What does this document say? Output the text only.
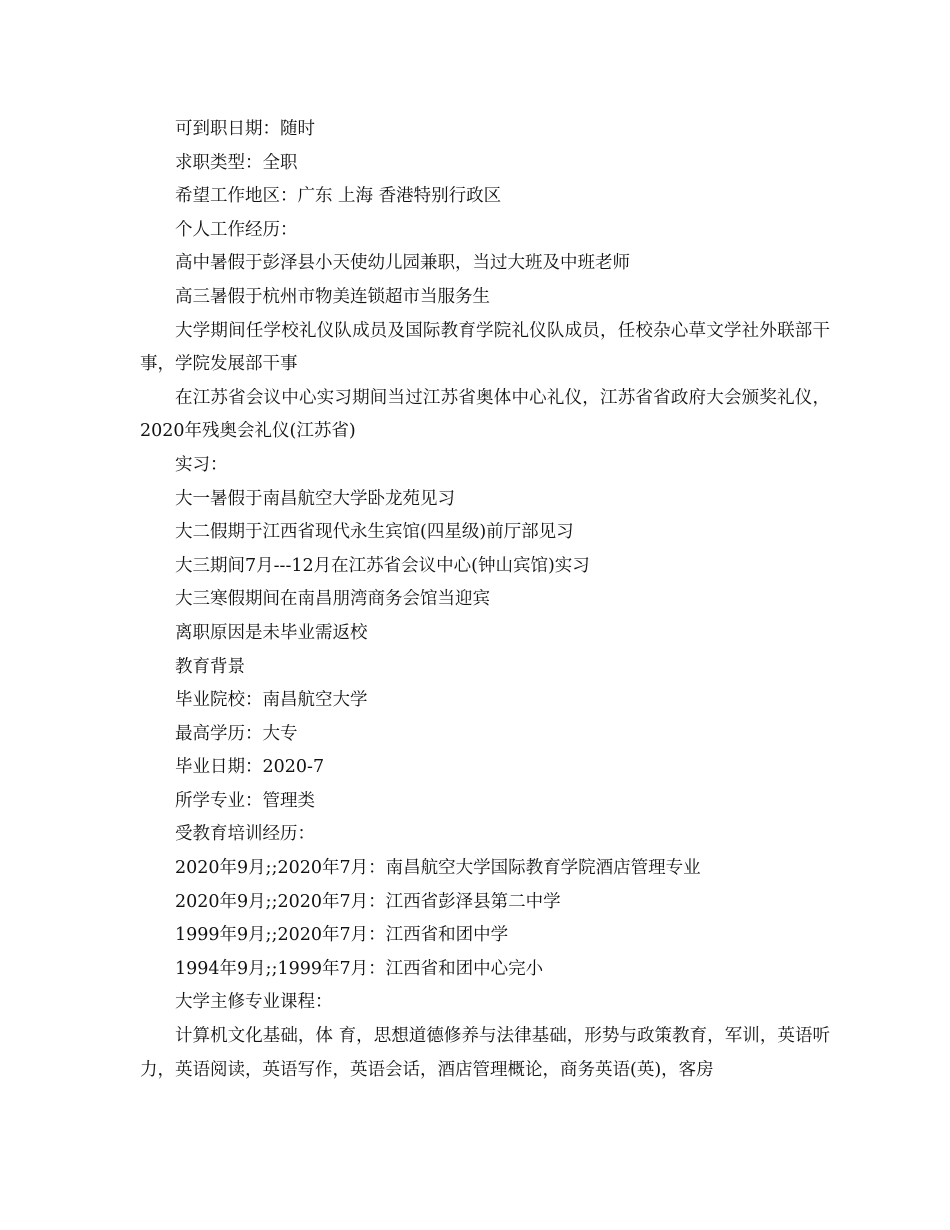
可到职日期：随时

求职类型：全职

希望工作地区：广东 上海 香港特别行政区

个人工作经历：

高中暑假于彭泽县小天使幼儿园兼职，当过大班及中班老师

高三暑假于杭州市物美连锁超市当服务生

大学期间任学校礼仪队成员及国际教育学院礼仪队成员，任校杂心草文学社外联部干事，学院发展部干事

在江苏省会议中心实习期间当过江苏省奥体中心礼仪，江苏省省政府大会颁奖礼仪，2020年残奥会礼仪(江苏省)

实习：

大一暑假于南昌航空大学卧龙苑见习

大二假期于江西省现代永生宾馆(四星级)前厅部见习

大三期间7月---12月在江苏省会议中心(钟山宾馆)实习

大三寒假期间在南昌朋湾商务会馆当迎宾

离职原因是未毕业需返校

教育背景

毕业院校：南昌航空大学

最高学历：大专

毕业日期：2020-7

所学专业：管理类

受教育培训经历：

2020年9月;;2020年7月：南昌航空大学国际教育学院酒店管理专业

2020年9月;;2020年7月：江西省彭泽县第二中学

1999年9月;;2020年7月：江西省和团中学

1994年9月;;1999年7月：江西省和团中心完小

大学主修专业课程：

计算机文化基础，体 育，思想道德修养与法律基础，形势与政策教育，军训，英语听力，英语阅读，英语写作，英语会话，酒店管理概论，商务英语(英)，客房
